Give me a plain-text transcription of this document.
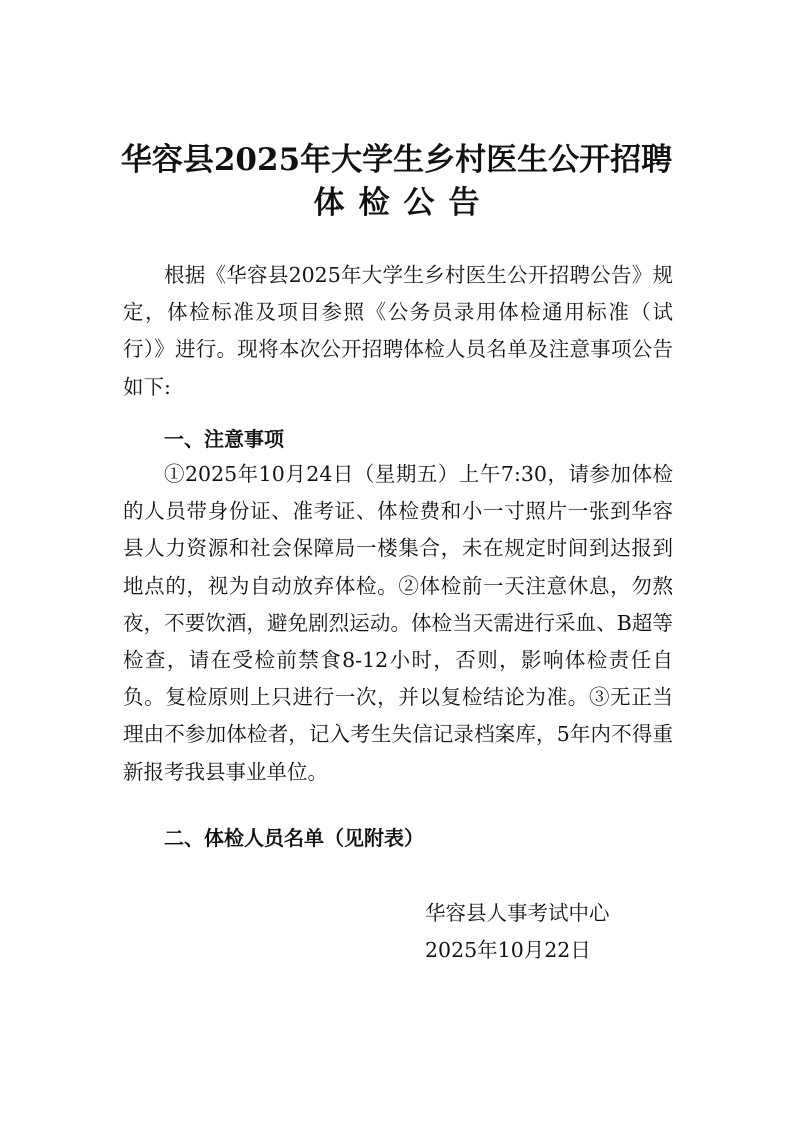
华容县2025年大学生乡村医生公开招聘
体检公告

根据《华容县2025年大学生乡村医生公开招聘公告》规定，体检标准及项目参照《公务员录用体检通用标准（试行）》进行。现将本次公开招聘体检人员名单及注意事项公告如下:

一、注意事项

①2025年10月24日（星期五）上午7:30，请参加体检的人员带身份证、准考证、体检费和小一寸照片一张到华容县人力资源和社会保障局一楼集合，未在规定时间到达报到地点的，视为自动放弃体检。②体检前一天注意休息，勿熬夜，不要饮酒，避免剧烈运动。体检当天需进行采血、B超等检查，请在受检前禁食8-12小时，否则，影响体检责任自负。复检原则上只进行一次，并以复检结论为准。③无正当理由不参加体检者，记入考生失信记录档案库，5年内不得重新报考我县事业单位。

二、体检人员名单（见附表）

华容县人事考试中心

2025年10月22日
